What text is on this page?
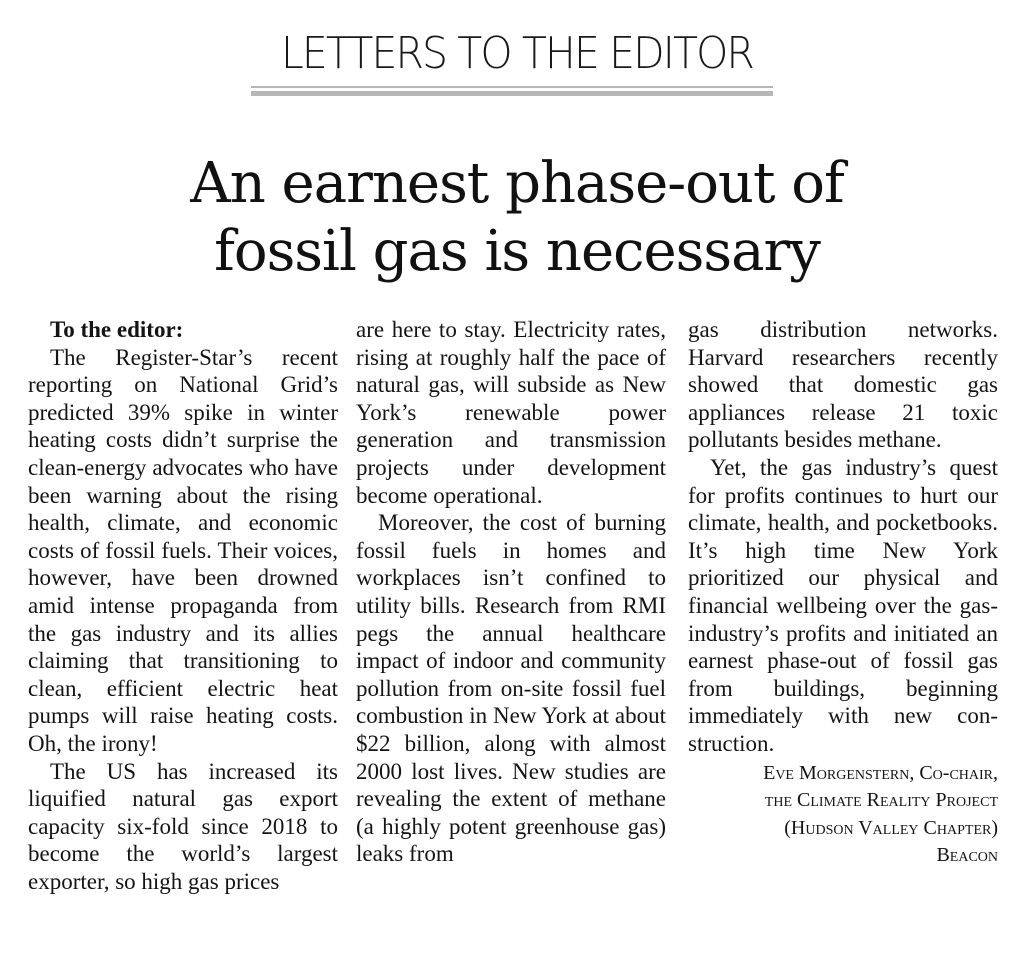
LETTERS TO THE EDITOR
An earnest phase-out of
fossil gas is necessary

To the editor:

The Register-Star’s recent reporting on National Grid’s predicted 39% spike in winter heating costs didn’t surprise the clean-energy advocates who have been warning about the rising health, climate, and economic costs of fossil fuels. Their voices, however, have been drowned amid intense propaganda from the gas industry and its allies claiming that transitioning to clean, efficient electric heat pumps will raise heating costs. Oh, the irony!

The US has increased its liquified natural gas export capacity six-fold since 2018 to become the world’s largest exporter, so high gas prices

are here to stay. Electricity rates, rising at roughly half the pace of natural gas, will subside as New York’s renewable power generation and transmission projects under development become operational.

Moreover, the cost of burning fossil fuels in homes and workplaces isn’t confined to utility bills. Research from RMI pegs the annual healthcare impact of indoor and community pollution from on-site fossil fuel combustion in New York at about $22 billion, along with almost 2000 lost lives. New studies are revealing the extent of methane (a highly potent greenhouse gas) leaks from

gas distribution networks. Harvard researchers recently showed that domestic gas appliances release 21 toxic pollutants besides methane.

Yet, the gas industry’s quest for profits continues to hurt our climate, health, and pocketbooks. It’s high time New York prioritized our physical and financial wellbeing over the gas-industry’s profits and initiated an earnest phase-out of fossil gas from buildings, beginning immediately with new construction.

Eve Morgenstern, Co-chair,
the Climate Reality Project
(Hudson Valley Chapter)
Beacon
